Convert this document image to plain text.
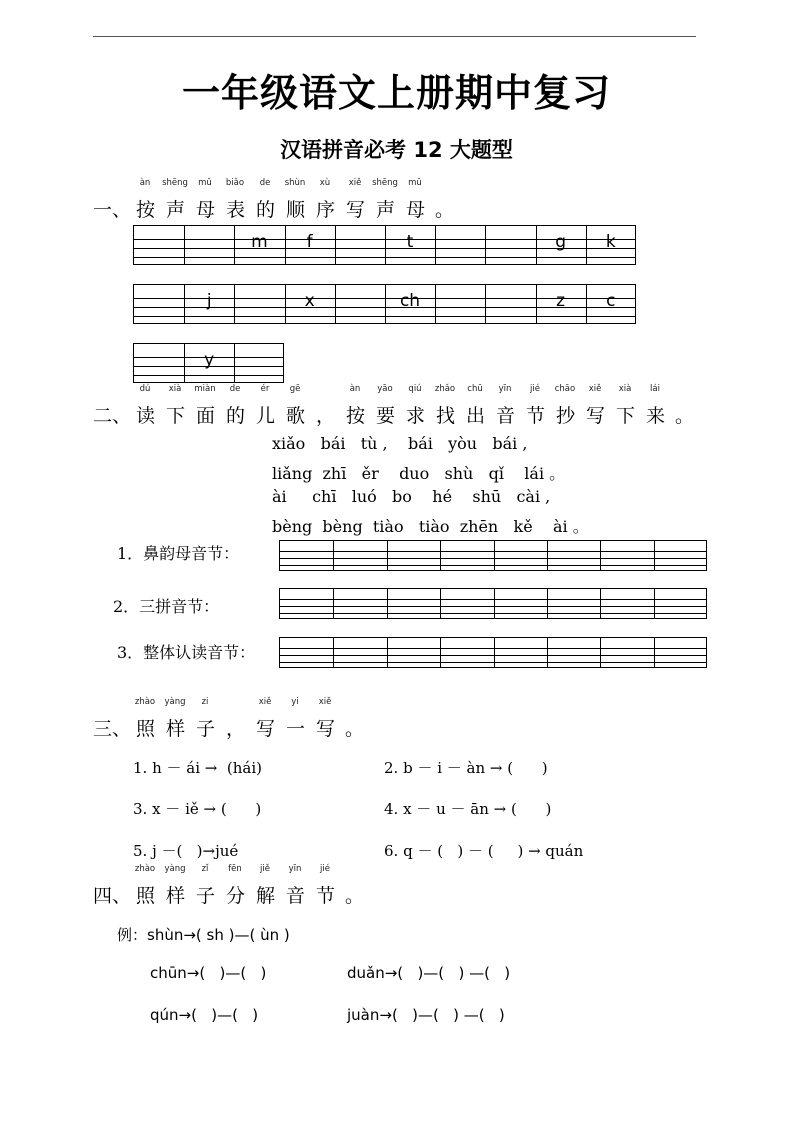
一年级语文上册期中复习
汉语拼音必考 12 大题型
一、
àn
按
shēng
声
mǔ
母
biǎo
表
de
的
shùn
顺
xù
序
xiě
写
shēng
声
mǔ
母 。
二、
dú
读
xià
下
miàn
面
de
的
ér
儿
gē
歌 ，
àn
按
yāo
要
qiú
求
zhǎo
找
chū
出
yīn
音
jié
节
chāo
抄
xiě
写
xià
下
lái
来 。
三、
zhào
照
yàng
样
zi
子 ，
xiě
写
yi
一
xiě
写 。
四、
zhào
照
yàng
样
zǐ
子
fēn
分
jiě
解
yīn
音
jié
节 。
m	f	t	g	k
j	x	ch	z	c
y
xiǎo   bái   tù ,    bái   yòu   bái ,
liǎng  zhī   ěr    duo   shù   qǐ    lái 。
ài     chī   luó   bo    hé    shū   cài ,
bèng  bèng  tiào   tiào  zhēn   kě    ài 。
1．鼻韵母音节：
2．三拼音节：
3．整体认读音节：
1. h － ái →  (hái)	2. b － i － àn → (      )
3. x － iě → (      )	4. x － u － ān → (      )
5. j －(   )→jué	6. q － (   ) － (     ) → quán
例：shùn→( sh )—( ùn )
chūn→(   )—(   )	duǎn→(   )—(   ) —(   )
qún→(   )—(   )	juàn→(   )—(   ) —(   )
